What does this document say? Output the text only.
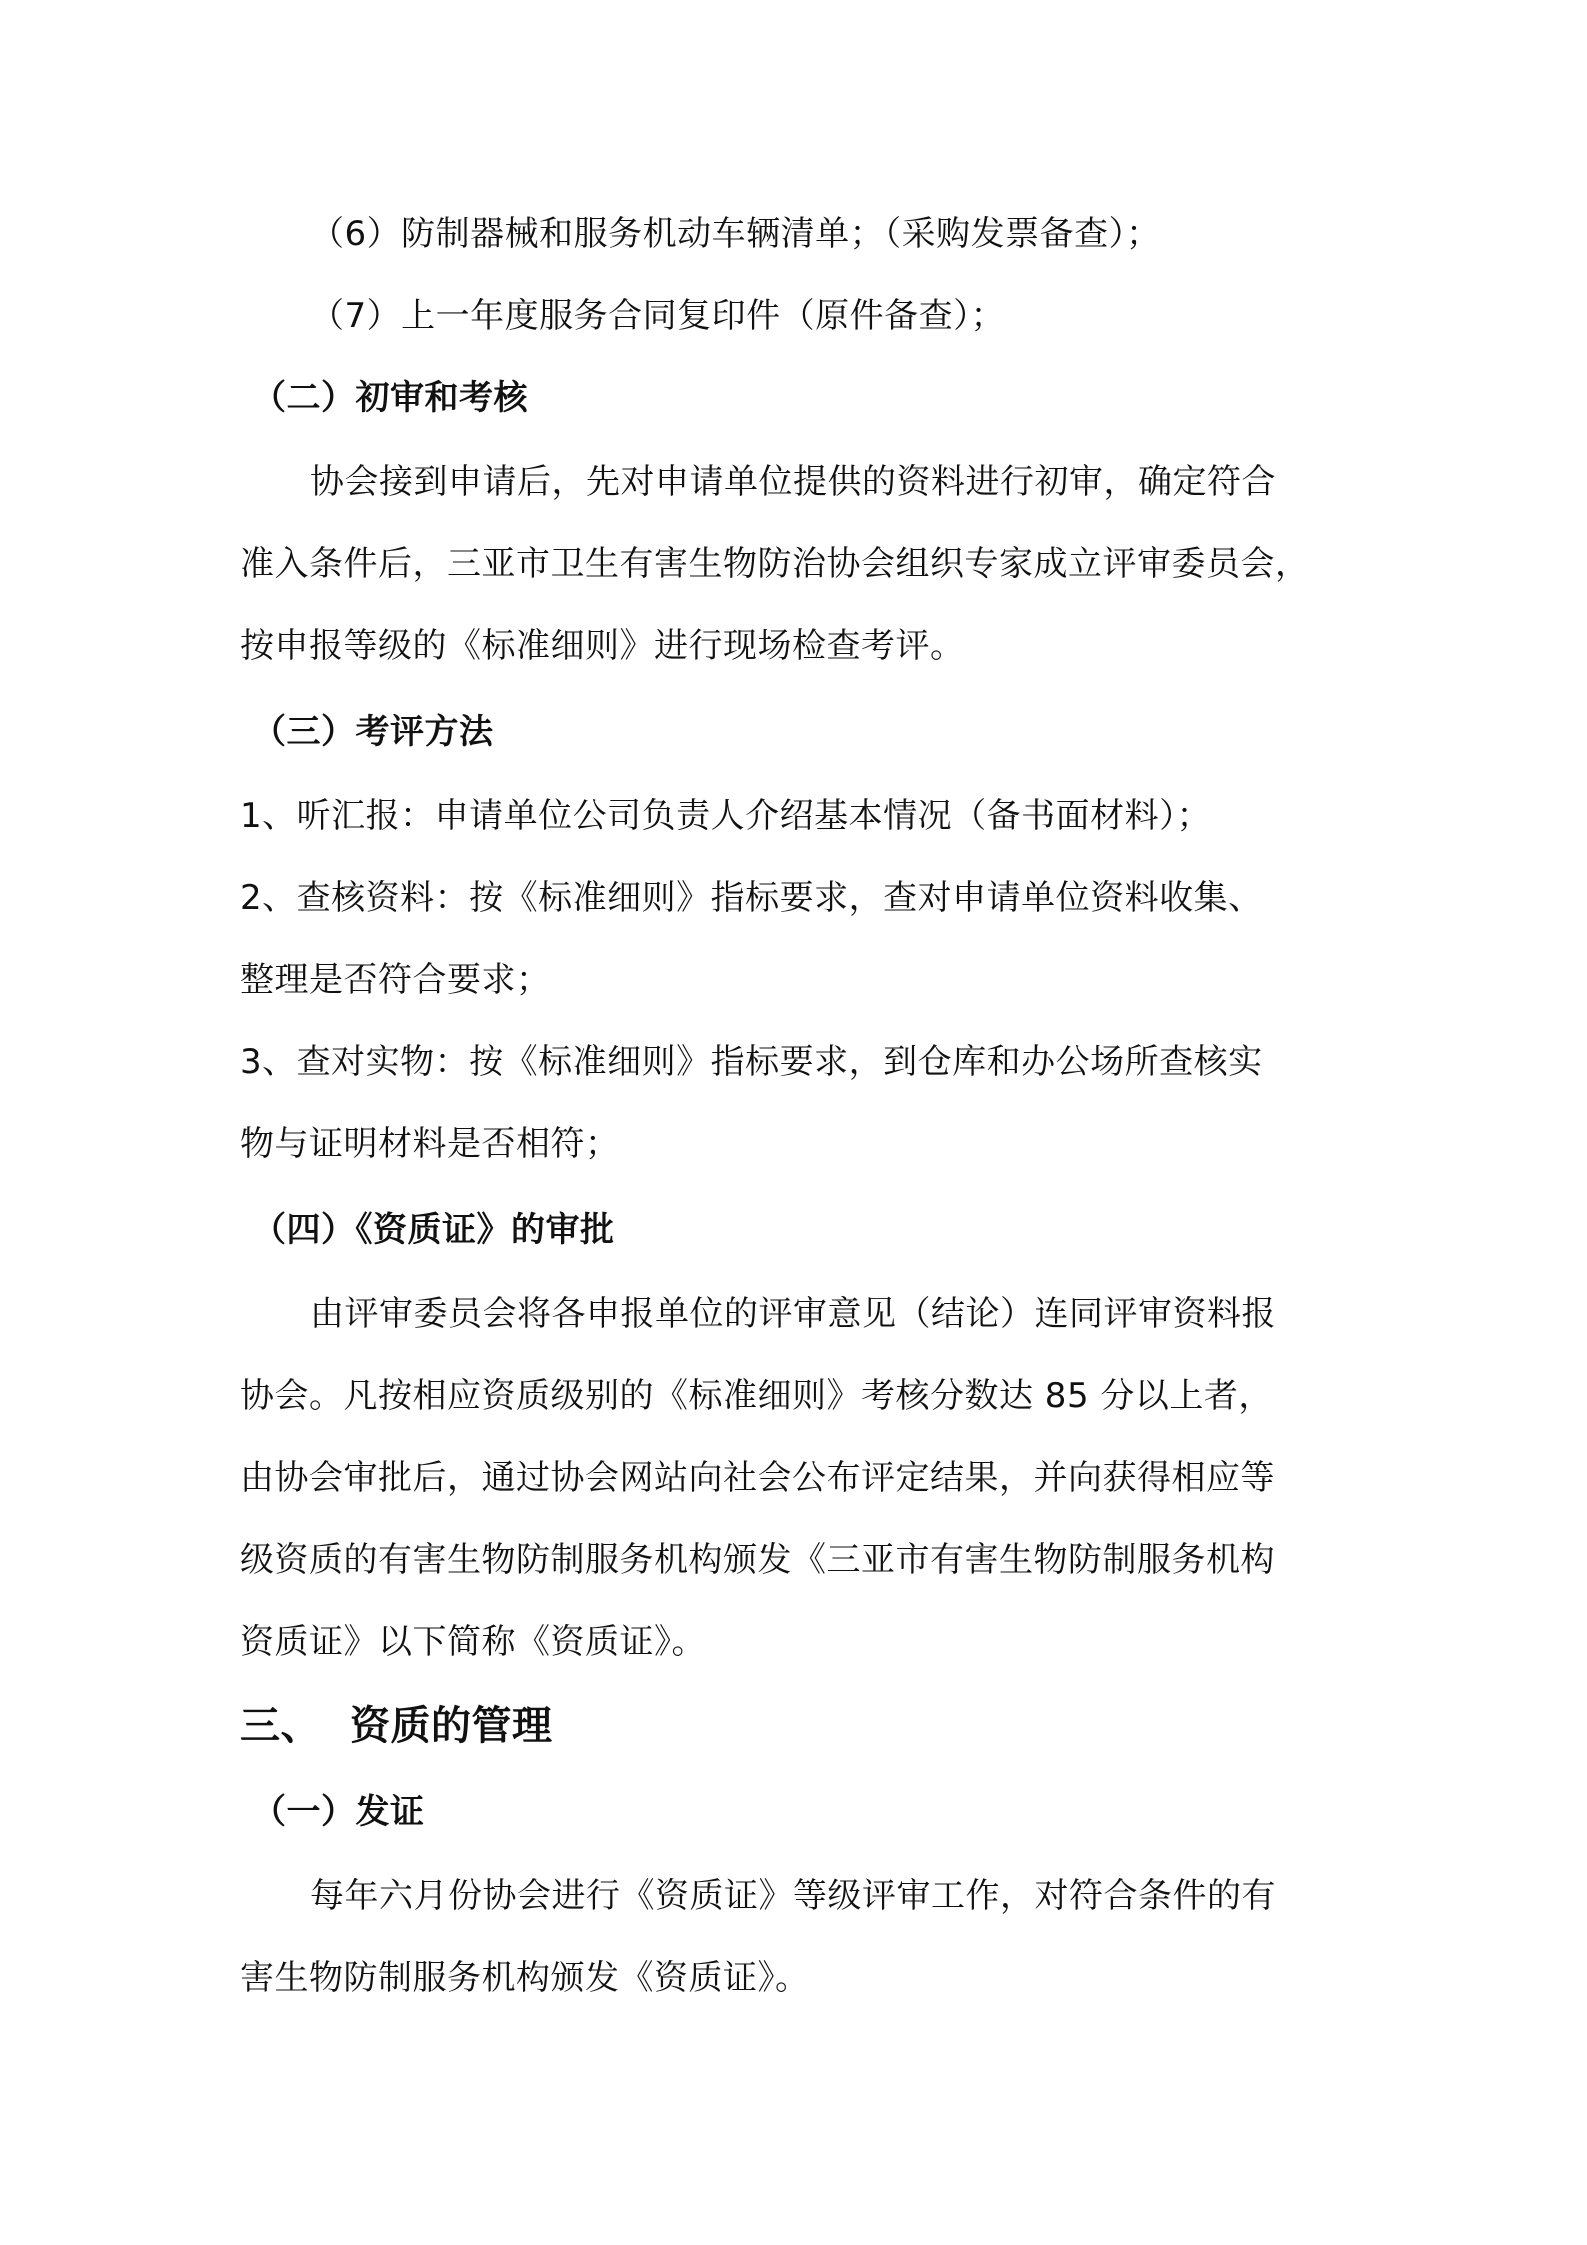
（6）防制器械和服务机动车辆清单；（采购发票备查）；
（7）上一年度服务合同复印件（原件备查）；
（二）初审和考核
协会接到申请后，先对申请单位提供的资料进行初审，确定符合
准入条件后，三亚市卫生有害生物防治协会组织专家成立评审委员会，
按申报等级的《标准细则》进行现场检查考评。
（三）考评方法
1、听汇报：申请单位公司负责人介绍基本情况（备书面材料）；
2、查核资料：按《标准细则》指标要求，查对申请单位资料收集、
整理是否符合要求；
3、查对实物：按《标准细则》指标要求，到仓库和办公场所查核实
物与证明材料是否相符；
（四）《资质证》的审批
由评审委员会将各申报单位的评审意见（结论）连同评审资料报
协会。凡按相应资质级别的《标准细则》考核分数达 85 分以上者，
由协会审批后，通过协会网站向社会公布评定结果，并向获得相应等
级资质的有害生物防制服务机构颁发《三亚市有害生物防制服务机构
资质证》以下简称《资质证》。
三、 资质的管理
（一）发证
每年六月份协会进行《资质证》等级评审工作，对符合条件的有
害生物防制服务机构颁发《资质证》。
